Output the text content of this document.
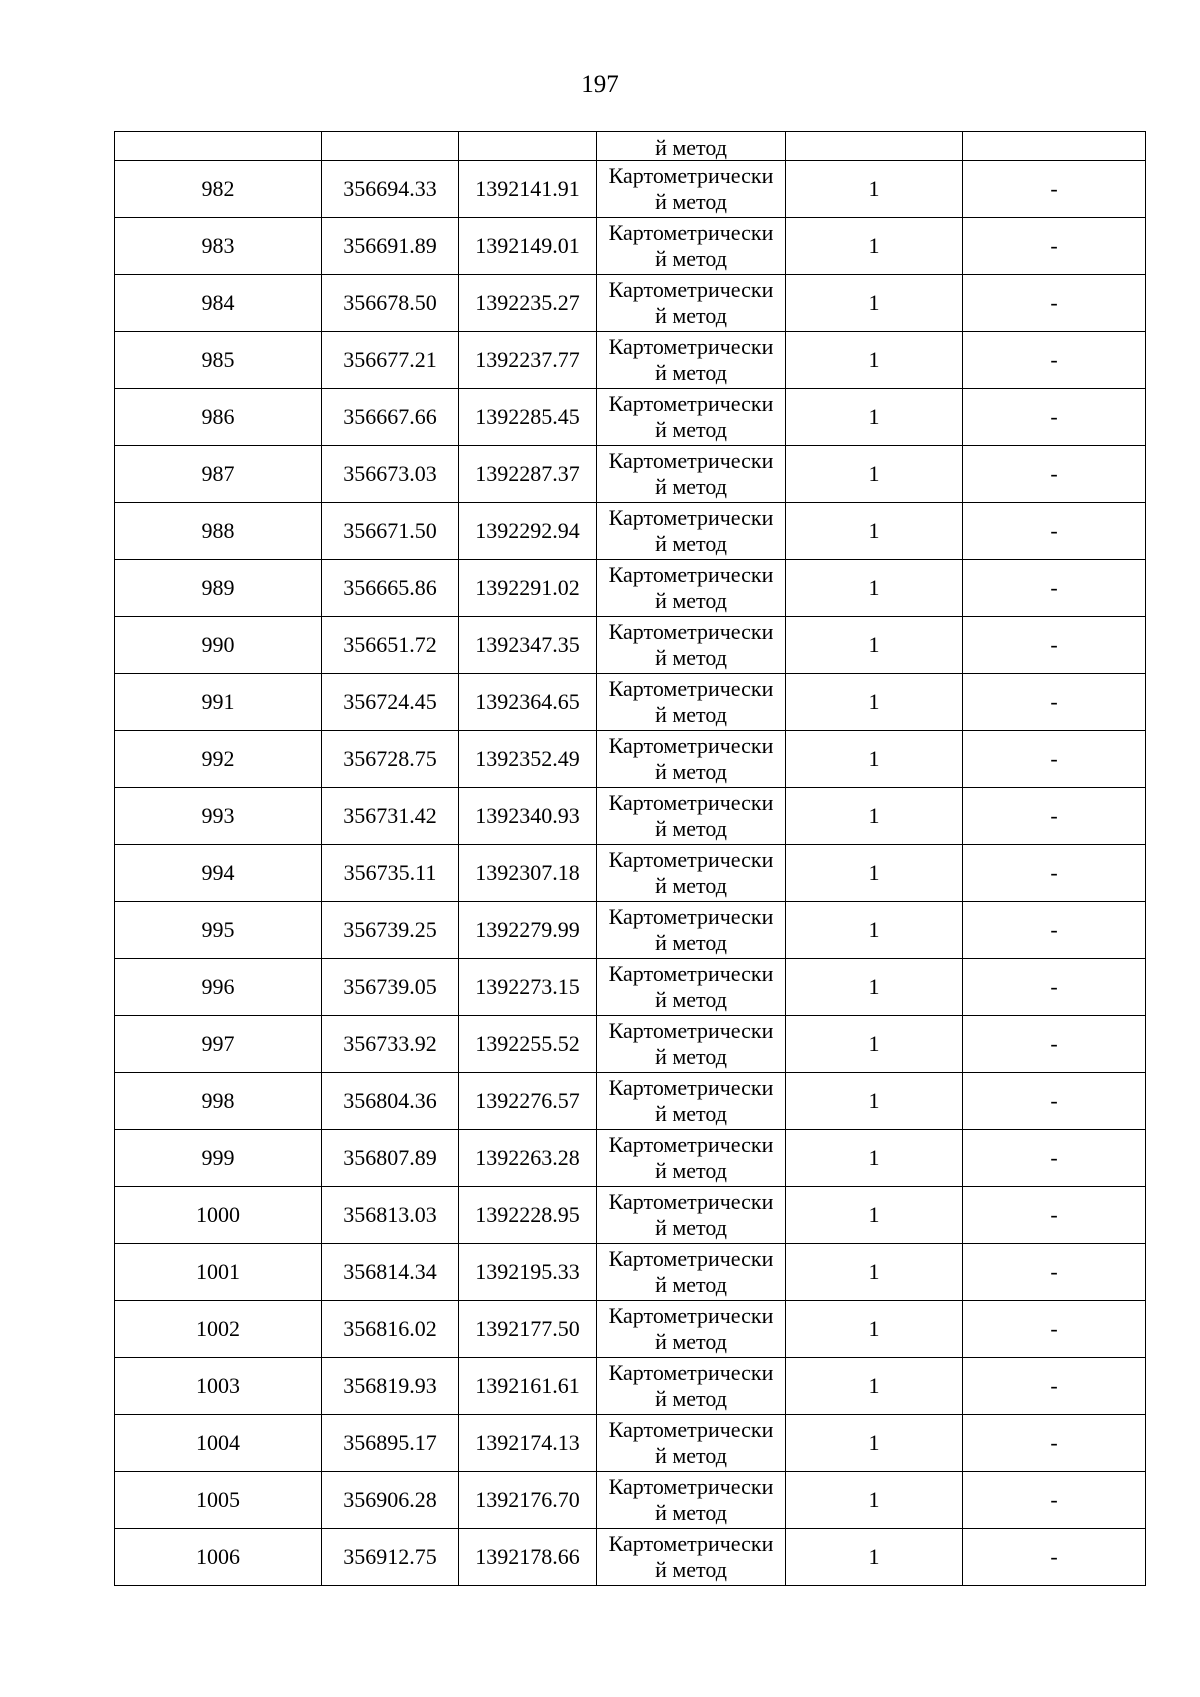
197
			й метод		
982	356694.33	1392141.91	Картометрически
й метод	1	-
983	356691.89	1392149.01	Картометрически
й метод	1	-
984	356678.50	1392235.27	Картометрически
й метод	1	-
985	356677.21	1392237.77	Картометрически
й метод	1	-
986	356667.66	1392285.45	Картометрически
й метод	1	-
987	356673.03	1392287.37	Картометрически
й метод	1	-
988	356671.50	1392292.94	Картометрически
й метод	1	-
989	356665.86	1392291.02	Картометрически
й метод	1	-
990	356651.72	1392347.35	Картометрически
й метод	1	-
991	356724.45	1392364.65	Картометрически
й метод	1	-
992	356728.75	1392352.49	Картометрически
й метод	1	-
993	356731.42	1392340.93	Картометрически
й метод	1	-
994	356735.11	1392307.18	Картометрически
й метод	1	-
995	356739.25	1392279.99	Картометрически
й метод	1	-
996	356739.05	1392273.15	Картометрически
й метод	1	-
997	356733.92	1392255.52	Картометрически
й метод	1	-
998	356804.36	1392276.57	Картометрически
й метод	1	-
999	356807.89	1392263.28	Картометрически
й метод	1	-
1000	356813.03	1392228.95	Картометрически
й метод	1	-
1001	356814.34	1392195.33	Картометрически
й метод	1	-
1002	356816.02	1392177.50	Картометрически
й метод	1	-
1003	356819.93	1392161.61	Картометрически
й метод	1	-
1004	356895.17	1392174.13	Картометрически
й метод	1	-
1005	356906.28	1392176.70	Картометрически
й метод	1	-
1006	356912.75	1392178.66	Картометрически
й метод	1	-
